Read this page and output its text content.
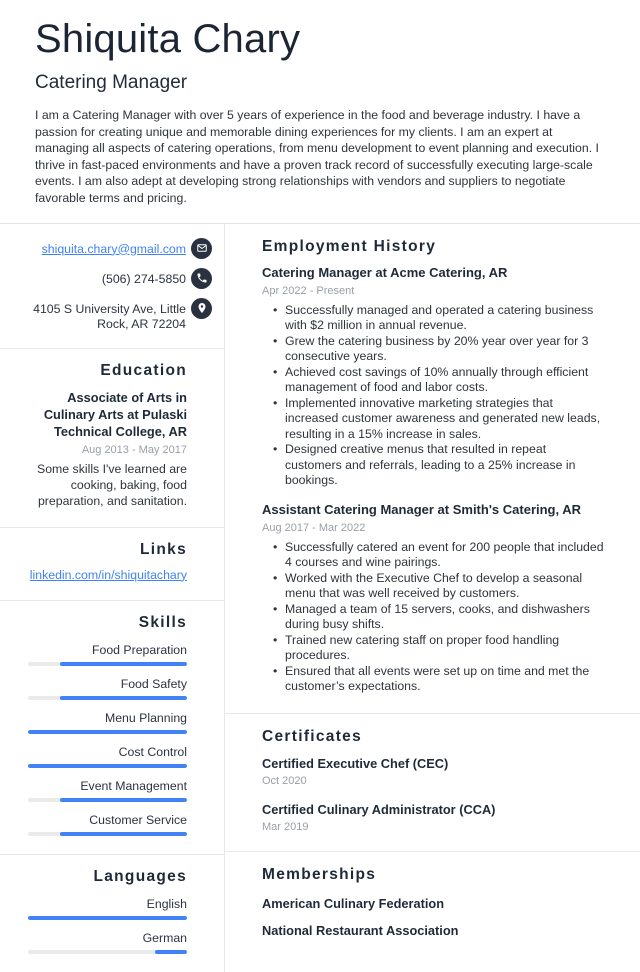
Shiquita Chary
Catering Manager

I am a Catering Manager with over 5 years of experience in the food and beverage industry. I have a passion for creating unique and memorable dining experiences for my clients. I am an expert at managing all aspects of catering operations, from menu development to event planning and execution. I thrive in fast-paced environments and have a proven track record of successfully executing large-scale events. I am also adept at developing strong relationships with vendors and suppliers to negotiate favorable terms and pricing.

shiquita.chary@gmail.com
(506) 274-5850
4105 S University Ave, Little Rock, AR 72204
Education
Associate of Arts in Culinary Arts at Pulaski Technical College, AR
Aug 2013 - May 2017
Some skills I've learned are cooking, baking, food preparation, and sanitation.
Links
linkedin.com/in/shiquitachary
Skills
Food Preparation
Food Safety
Menu Planning
Cost Control
Event Management
Customer Service
Languages
English
German
Employment History
Catering Manager at Acme Catering, AR
Apr 2022 - Present
• Successfully managed and operated a catering business with $2 million in annual revenue.
• Grew the catering business by 20% year over year for 3 consecutive years.
• Achieved cost savings of 10% annually through efficient management of food and labor costs.
• Implemented innovative marketing strategies that increased customer awareness and generated new leads, resulting in a 15% increase in sales.
• Designed creative menus that resulted in repeat customers and referrals, leading to a 25% increase in bookings.
Assistant Catering Manager at Smith's Catering, AR
Aug 2017 - Mar 2022
• Successfully catered an event for 200 people that included 4 courses and wine pairings.
• Worked with the Executive Chef to develop a seasonal menu that was well received by customers.
• Managed a team of 15 servers, cooks, and dishwashers during busy shifts.
• Trained new catering staff on proper food handling procedures.
• Ensured that all events were set up on time and met the customer’s expectations.
Certificates
Certified Executive Chef (CEC)
Oct 2020
Certified Culinary Administrator (CCA)
Mar 2019
Memberships
American Culinary Federation
National Restaurant Association
